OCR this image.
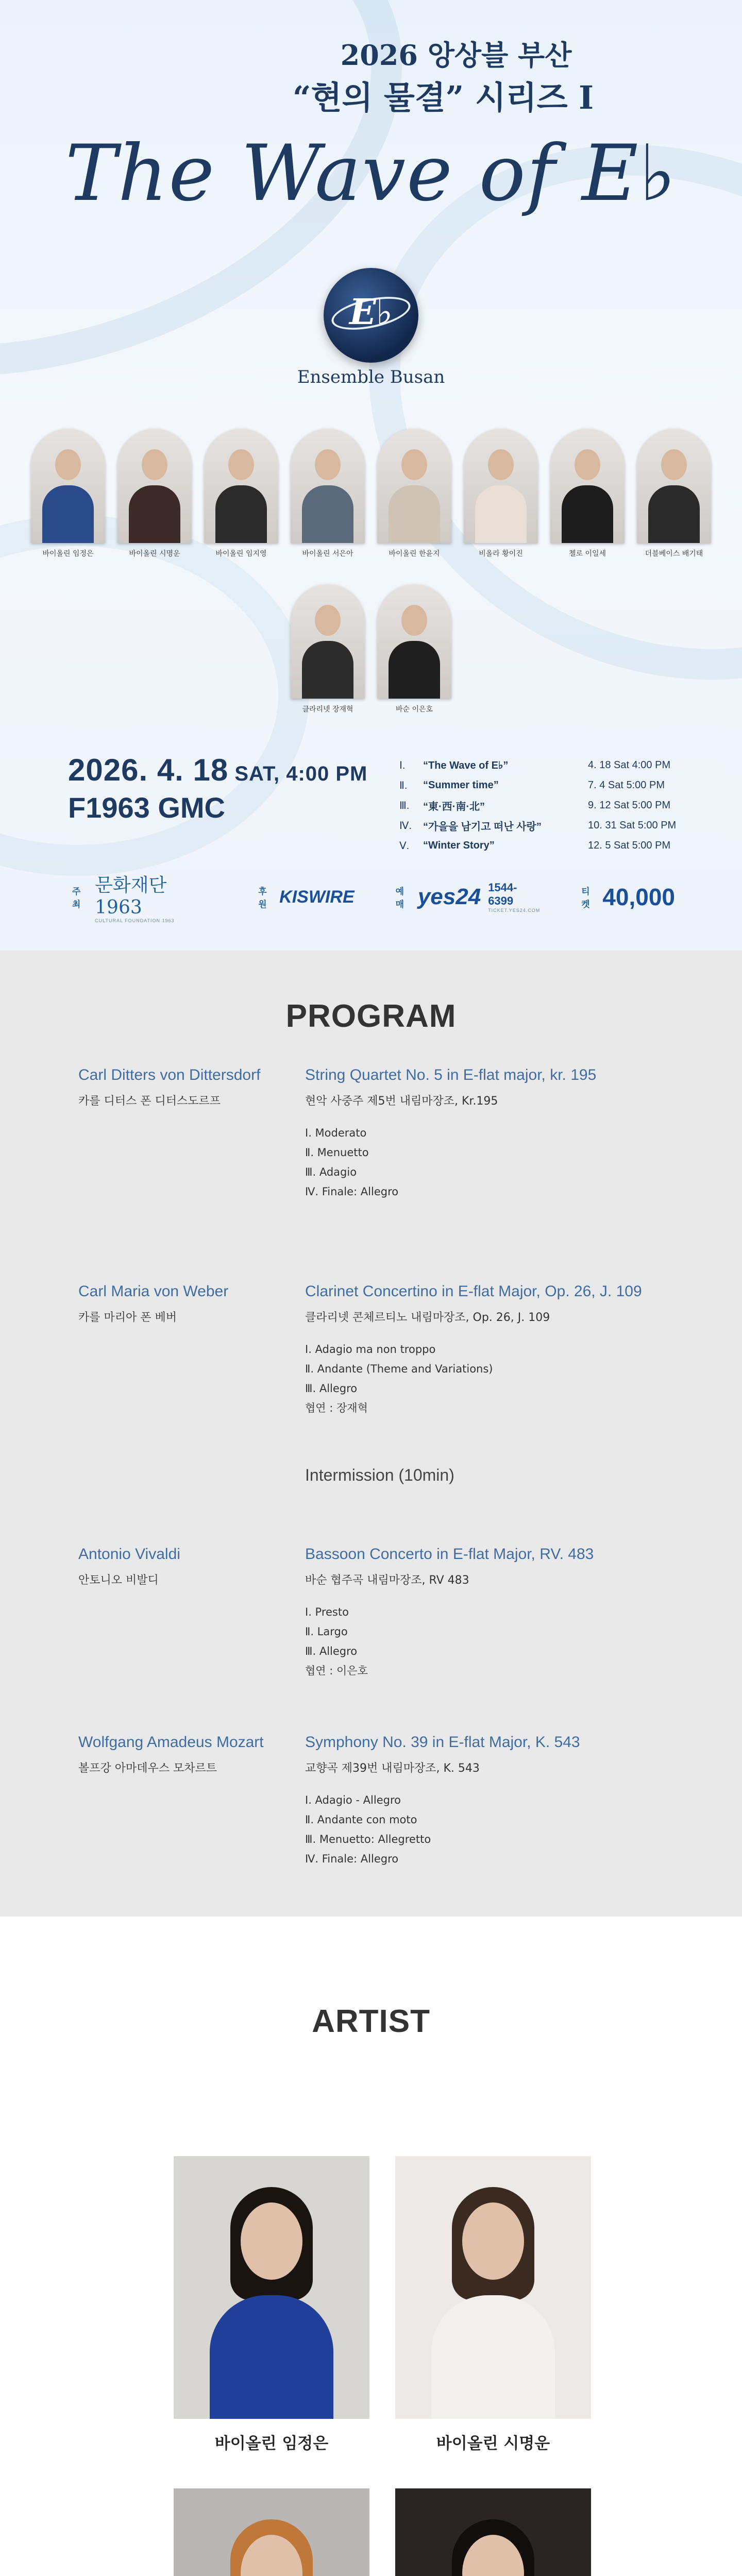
2026 앙상블 부산
“현의 물결” 시리즈 Ⅰ
The Wave of E♭
E♭
Ensemble Busan
바이올린 임정은	바이올린 시명운	바이올린 임지영	바이올린 서은아	바이올린 한윤지	비올라 황이진	첼로 이일세	더블베이스 배기태
클라리넷 장재혁	바순 이은호
2026. 4. 18 SAT, 4:00 PM
F1963 GMC
Ⅰ.	“The Wave of E♭”	4. 18 Sat 4:00 PM
Ⅱ.	“Summer time”	7. 4 Sat 5:00 PM
Ⅲ.	“東·西·南·北”	9. 12 Sat 5:00 PM
Ⅳ.	“가을을 남기고 떠난 사랑”	10. 31 Sat 5:00 PM
Ⅴ.	“Winter Story”	12. 5 Sat 5:00 PM
주최
문화재단 1963
CULTURAL FOUNDATION 1963
후원 KISWIRE	예매 yes24 1544-6399
TICKET.YES24.COM
티켓 40,000
PROGRAM
Carl Ditters von Dittersdorf
카를 디터스 폰 디터스도르프
String Quartet No. 5 in E-flat major, kr. 195
현악 사중주 제5번 내림마장조, Kr.195
Ⅰ. Moderato
Ⅱ. Menuetto
Ⅲ. Adagio
Ⅳ. Finale: Allegro
Carl Maria von Weber
카를 마리아 폰 베버
Clarinet Concertino in E-flat Major, Op. 26, J. 109
클라리넷 콘체르티노 내림마장조, Op. 26, J. 109
Ⅰ. Adagio ma non troppo
Ⅱ. Andante (Theme and Variations)
Ⅲ. Allegro
협연 : 장재혁
Antonio Vivaldi
안토니오 비발디
Bassoon Concerto in E-flat Major, RV. 483
바순 협주곡 내림마장조, RV 483
Ⅰ. Presto
Ⅱ. Largo
Ⅲ. Allegro
협연 : 이은호
Wolfgang Amadeus Mozart
볼프강 아마데우스 모차르트
Symphony No. 39 in E-flat Major, K. 543
교향곡 제39번 내림마장조, K. 543
Ⅰ. Adagio - Allegro
Ⅱ. Andante con moto
Ⅲ. Menuetto: Allegretto
Ⅳ. Finale: Allegro
Intermission (10min)
ARTIST
바이올린 임정은	바이올린 시명운
